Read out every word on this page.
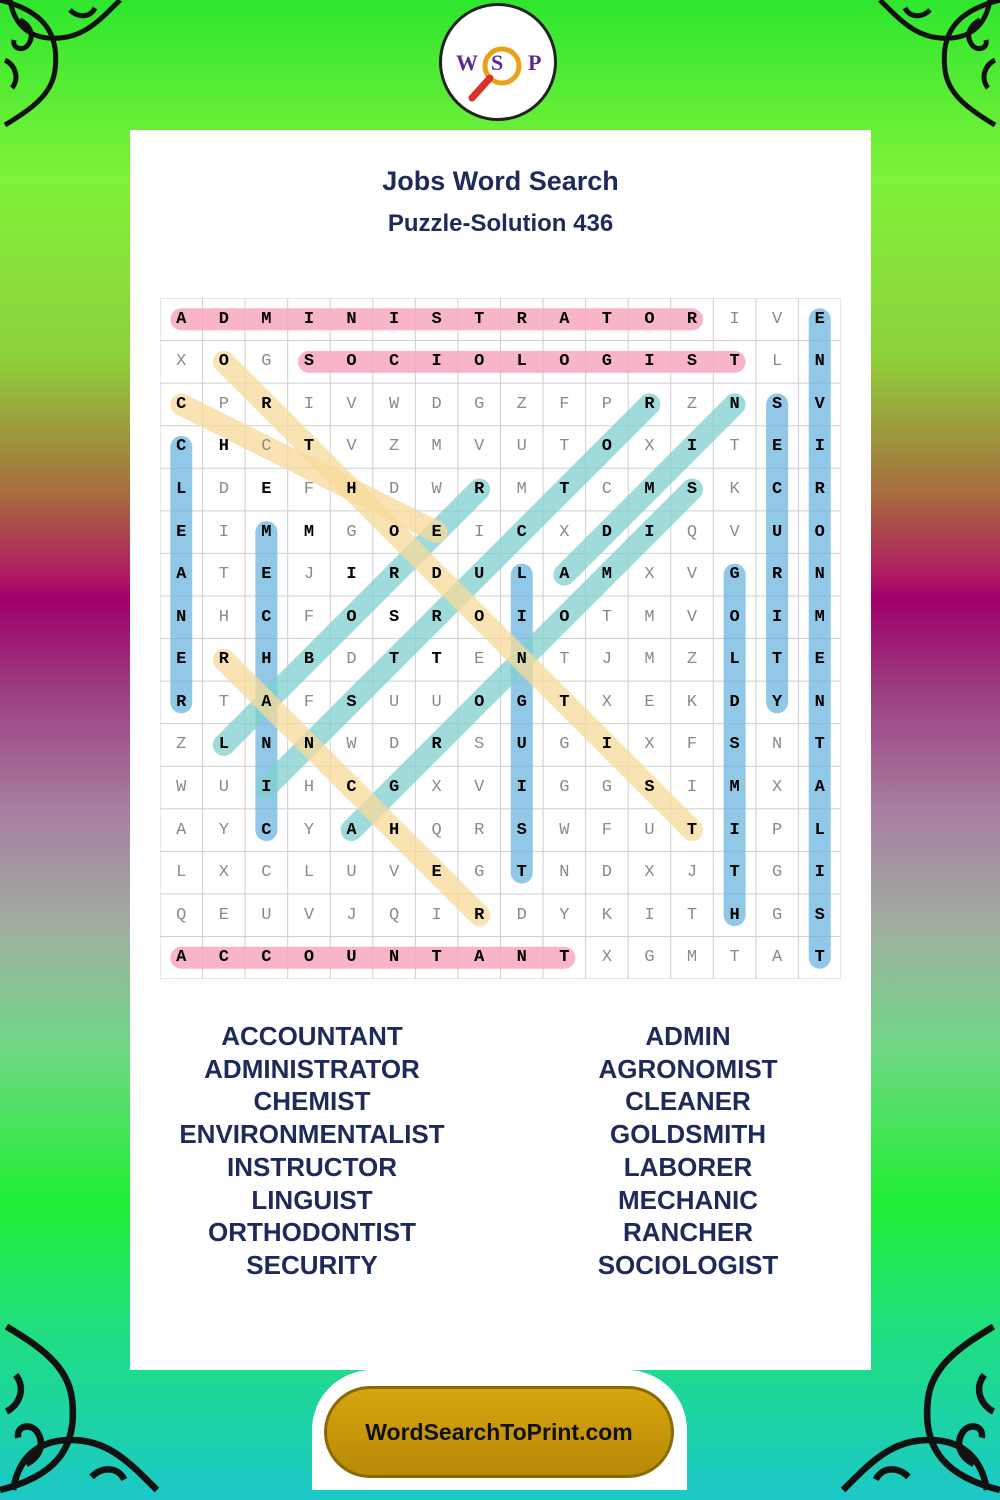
W S P
Jobs Word Search
Puzzle-Solution 436
A	D	M	I	N	I	S	T	R	A	T	O	R	I	V	E
X	O	G	S	O	C	I	O	L	O	G	I	S	T	L	N
C	P	R	I	V	W	D	G	Z	F	P	R	Z	N	S	V
C	H	C	T	V	Z	M	V	U	T	O	X	I	T	E	I
L	D	E	F	H	D	W	R	M	T	C	M	S	K	C	R
E	I	M	M	G	O	E	I	C	X	D	I	Q	V	U	O
A	T	E	J	I	R	D	U	L	A	M	X	V	G	R	N
N	H	C	F	O	S	R	O	I	O	T	M	V	O	I	M
E	R	H	B	D	T	T	E	N	T	J	M	Z	L	T	E
R	T	A	F	S	U	U	O	G	T	X	E	K	D	Y	N
Z	L	N	N	W	D	R	S	U	G	I	X	F	S	N	T
W	U	I	H	C	G	X	V	I	G	G	S	I	M	X	A
A	Y	C	Y	A	H	Q	R	S	W	F	U	T	I	P	L
L	X	C	L	U	V	E	G	T	N	D	X	J	T	G	I
Q	E	U	V	J	Q	I	R	D	Y	K	I	T	H	G	S
A	C	C	O	U	N	T	A	N	T	X	G	M	T	A	T
ACCOUNTANT
ADMINISTRATOR
CHEMIST
ENVIRONMENTALIST
INSTRUCTOR
LINGUIST
ORTHODONTIST
SECURITY
ADMIN
AGRONOMIST
CLEANER
GOLDSMITH
LABORER
MECHANIC
RANCHER
SOCIOLOGIST
WordSearchToPrint.com
